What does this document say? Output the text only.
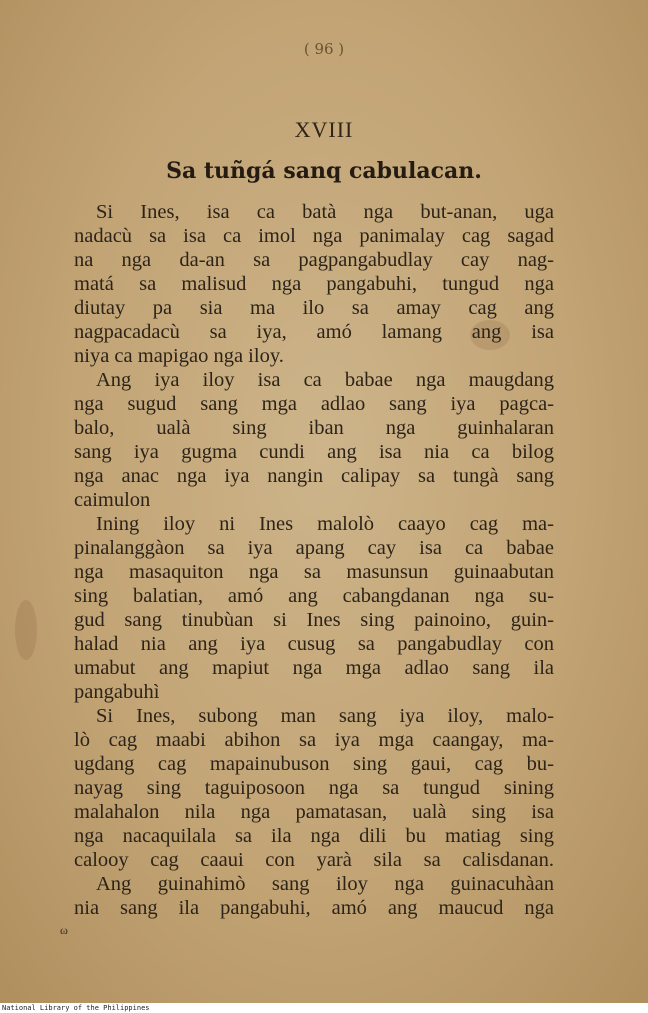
( 96 )
XVIII
Sa tuñgá sanq cabulacan.
Si Ines, isa ca batà nga but-anan, uga
nadacù sa isa ca imol nga panimalay cag sagad
na nga da-an sa pagpangabudlay cay nag-
matá sa malisud nga pangabuhi, tungud nga
diutay pa sia ma ilo sa amay cag ang
nagpacadacù sa iya, amó lamang ang isa
niya ca mapigao nga iloy.
Ang iya iloy isa ca babae nga maugdang
nga sugud sang mga adlao sang iya pagca-
balo, ualà sing iban nga guinhalaran
sang iya gugma cundi ang isa nia ca bilog
nga anac nga iya nangin calipay sa tungà sang
caimulon
Ining iloy ni Ines malolò caayo cag ma-
pinalanggàon sa iya apang cay isa ca babae
nga masaquiton nga sa masunsun guinaabutan
sing balatian, amó ang cabangdanan nga su-
gud sang tinubùan si Ines sing painoino, guin-
halad nia ang iya cusug sa pangabudlay con
umabut ang mapiut nga mga adlao sang ila
pangabuhì
Si Ines, subong man sang iya iloy, malo-
lò cag maabi abihon sa iya mga caangay, ma-
ugdang cag mapainubuson sing gaui, cag bu-
nayag sing taguiposoon nga sa tungud sining
malahalon nila nga pamatasan, ualà sing isa
nga nacaquilala sa ila nga dili bu matiag sing
calooy cag caaui con yarà sila sa calisdanan.
Ang guinahimò sang iloy nga guinacuhàan
nia sang ila pangabuhi, amó ang maucud nga
ω
National Library of the Philippines
